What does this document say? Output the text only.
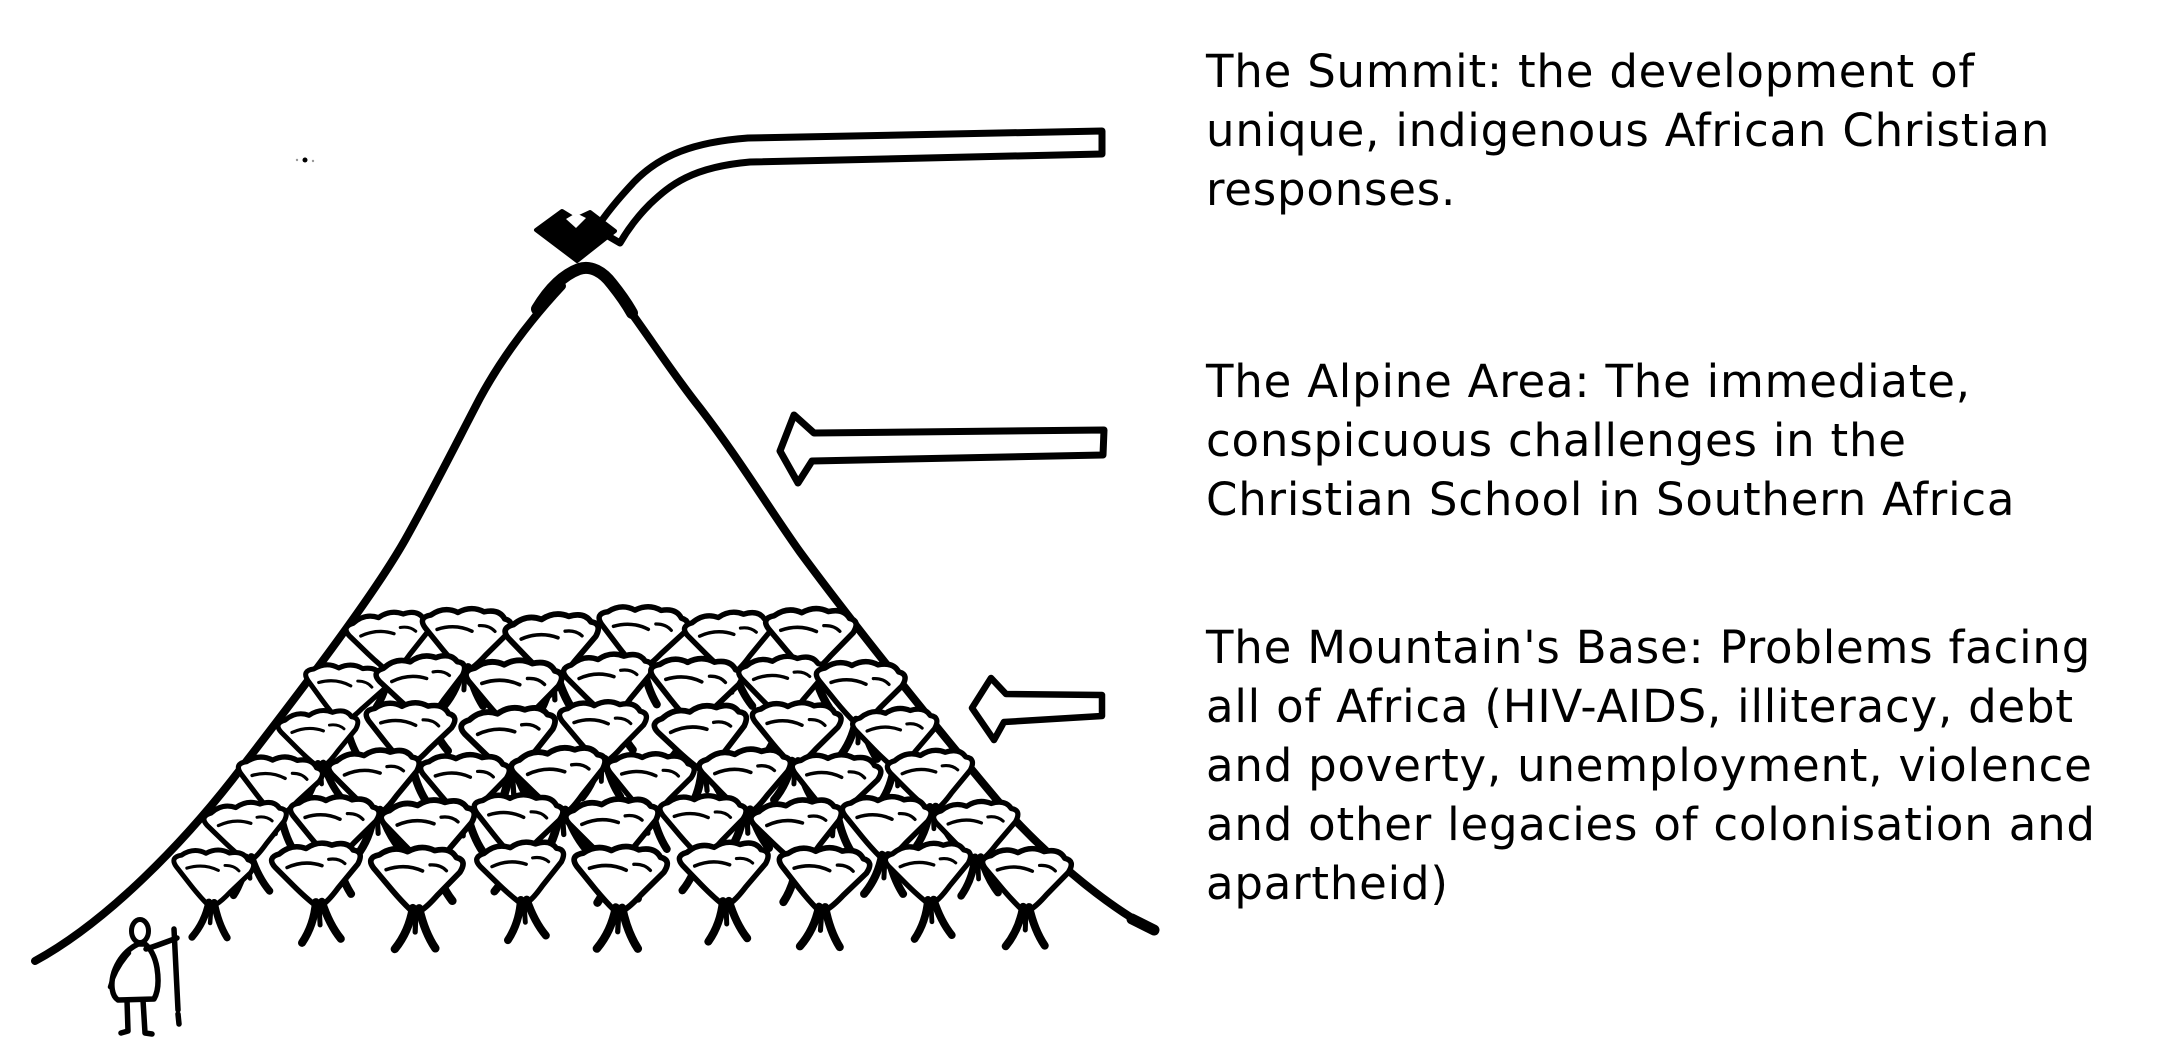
The Summit: the development of
unique, indigenous African Christian
responses.
The Alpine Area: The immediate,
conspicuous challenges in the
Christian School in Southern Africa
The Mountain's Base: Problems facing
all of Africa (HIV-AIDS, illiteracy, debt
and poverty, unemployment, violence
and other legacies of colonisation and
apartheid)
